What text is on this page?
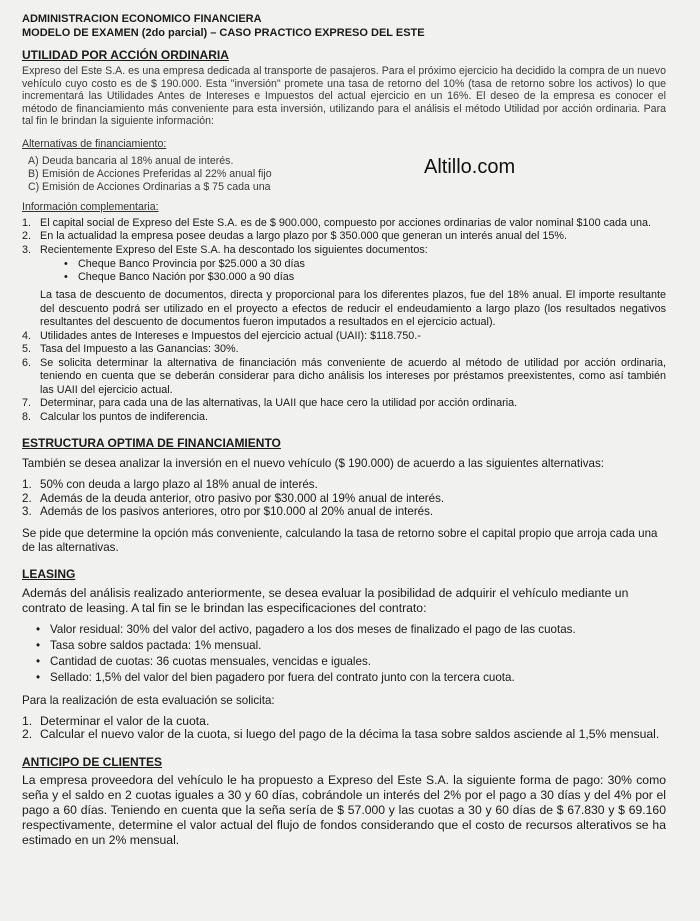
ADMINISTRACION ECONOMICO FINANCIERA
MODELO DE EXAMEN (2do parcial) – CASO PRACTICO EXPRESO DEL ESTE
Altillo.com
UTILIDAD POR ACCIÓN ORDINARIA

Expreso del Este S.A. es una empresa dedicada al transporte de pasajeros. Para el próximo ejercicio ha decidido la compra de un nuevo vehículo cuyo costo es de $ 190.000. Esta "inversión" promete una tasa de retorno del 10% (tasa de retorno sobre los activos) lo que incrementará las Utilidades Antes de Intereses e Impuestos del actual ejercicio en un 16%. El deseo de la empresa es conocer el método de financiamiento más conveniente para esta inversión, utilizando para el análisis el método Utilidad por acción ordinaria. Para tal fin le brindan la siguiente información:

Alternativas de financiamiento:
A) Deuda bancaria al 18% anual de interés.
B) Emisión de Acciones Preferidas al 22% anual fijo
C) Emisión de Acciones Ordinarias a $ 75 cada una
Información complementaria:
1. El capital social de Expreso del Este S.A. es de $ 900.000, compuesto por acciones ordinarias de valor nominal $100 cada una.
2. En la actualidad la empresa posee deudas a largo plazo por $ 350.000 que generan un interés anual del 15%.
3. Recientemente Expreso del Este S.A. ha descontado los siguientes documentos:
• Cheque Banco Provincia por $25.000 a 30 días
• Cheque Banco Nación por $30.000 a 90 días

La tasa de descuento de documentos, directa y proporcional para los diferentes plazos, fue del 18% anual. El importe resultante del descuento podrá ser utilizado en el proyecto a efectos de reducir el endeudamiento a largo plazo (los resultados negativos resultantes del descuento de documentos fueron imputados a resultados en el ejercicio actual).

4. Utilidades antes de Intereses e Impuestos del ejercicio actual (UAII): $118.750.-
5. Tasa del Impuesto a las Ganancias: 30%.
6. Se solicita determinar la alternativa de financiación más conveniente de acuerdo al método de utilidad por acción ordinaria, teniendo en cuenta que se deberán considerar para dicho análisis los intereses por préstamos preexistentes, como así también las UAII del ejercicio actual.
7. Determinar, para cada una de las alternativas, la UAII que hace cero la utilidad por acción ordinaria.
8. Calcular los puntos de indiferencia.
ESTRUCTURA OPTIMA DE FINANCIAMIENTO

También se desea analizar la inversión en el nuevo vehículo ($ 190.000) de acuerdo a las siguientes alternativas:

1. 50% con deuda a largo plazo al 18% anual de interés.
2. Además de la deuda anterior, otro pasivo por $30.000 al 19% anual de interés.
3. Además de los pasivos anteriores, otro por $10.000 al 20% anual de interés.

Se pide que determine la opción más conveniente, calculando la tasa de retorno sobre el capital propio que arroja cada una de las alternativas.

LEASING

Además del análisis realizado anteriormente, se desea evaluar la posibilidad de adquirir el vehículo mediante un contrato de leasing. A tal fin se le brindan las especificaciones del contrato:

• Valor residual: 30% del valor del activo, pagadero a los dos meses de finalizado el pago de las cuotas.
• Tasa sobre saldos pactada: 1% mensual.
• Cantidad de cuotas: 36 cuotas mensuales, vencidas e iguales.
• Sellado: 1,5% del valor del bien pagadero por fuera del contrato junto con la tercera cuota.

Para la realización de esta evaluación se solicita:

1. Determinar el valor de la cuota.
2. Calcular el nuevo valor de la cuota, si luego del pago de la décima la tasa sobre saldos asciende al 1,5% mensual.
ANTICIPO DE CLIENTES

La empresa proveedora del vehículo le ha propuesto a Expreso del Este S.A. la siguiente forma de pago: 30% como seña y el saldo en 2 cuotas iguales a 30 y 60 días, cobrándole un interés del 2% por el pago a 30 días y del 4% por el pago a 60 días. Teniendo en cuenta que la seña sería de $ 57.000 y las cuotas a 30 y 60 días de $ 67.830 y $ 69.160 respectivamente, determine el valor actual del flujo de fondos considerando que el costo de recursos alterativos se ha estimado en un 2% mensual.
